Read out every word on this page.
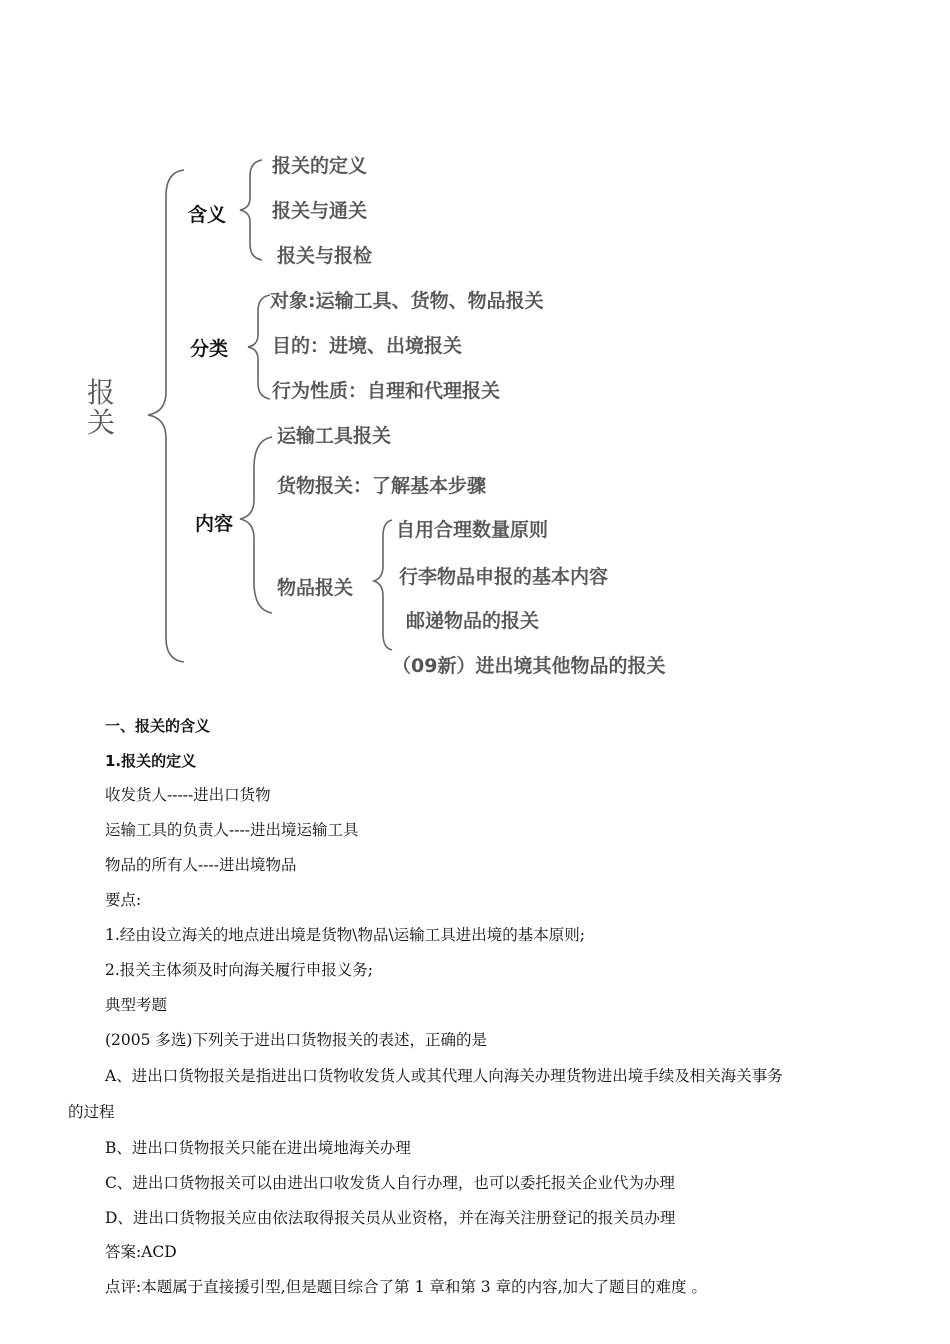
报关
含义
报关的定义
报关与通关
报关与报检
分类
对象:运输工具、货物、物品报关
目的：进境、出境报关
行为性质：自理和代理报关
内容
运输工具报关
货物报关：了解基本步骤
物品报关
自用合理数量原则
行李物品申报的基本内容
邮递物品的报关
（09新）进出境其他物品的报关
一、报关的含义
1.报关的定义
收发货人-----进出口货物
运输工具的负责人----进出境运输工具
物品的所有人----进出境物品
要点:
1.经由设立海关的地点进出境是货物\物品\运输工具进出境的基本原则;
2.报关主体须及时向海关履行申报义务;
典型考题
(2005 多选)下列关于进出口货物报关的表述，正确的是
A、进出口货物报关是指进出口货物收发货人或其代理人向海关办理货物进出境手续及相关海关事务
的过程
B、进出口货物报关只能在进出境地海关办理
C、进出口货物报关可以由进出口收发货人自行办理，也可以委托报关企业代为办理
D、进出口货物报关应由依法取得报关员从业资格，并在海关注册登记的报关员办理
答案:ACD
点评:本题属于直接援引型,但是题目综合了第 1 章和第 3 章的内容,加大了题目的难度 。
